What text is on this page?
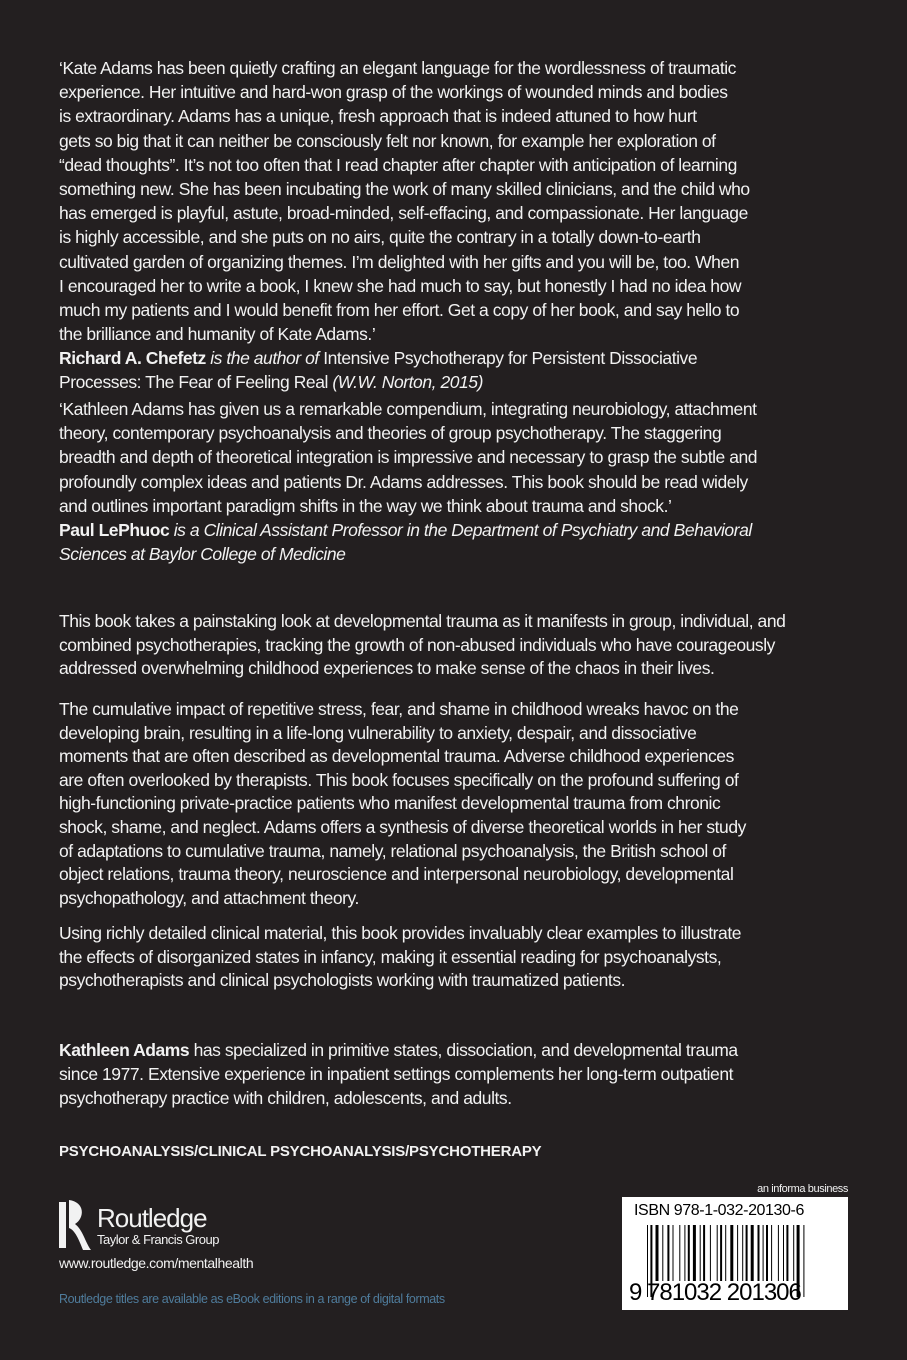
‘Kate Adams has been quietly crafting an elegant language for the wordlessness of traumatic
experience. Her intuitive and hard-won grasp of the workings of wounded minds and bodies
is extraordinary. Adams has a unique, fresh approach that is indeed attuned to how hurt
gets so big that it can neither be consciously felt nor known, for example her exploration of
“dead thoughts”. It’s not too often that I read chapter after chapter with anticipation of learning
something new. She has been incubating the work of many skilled clinicians, and the child who
has emerged is playful, astute, broad-minded, self-effacing, and compassionate. Her language
is highly accessible, and she puts on no airs, quite the contrary in a totally down-to-earth
cultivated garden of organizing themes. I’m delighted with her gifts and you will be, too. When
I encouraged her to write a book, I knew she had much to say, but honestly I had no idea how
much my patients and I would benefit from her effort. Get a copy of her book, and say hello to
the brilliance and humanity of Kate Adams.’
Richard A. Chefetz is the author of Intensive Psychotherapy for Persistent Dissociative
Processes: The Fear of Feeling Real (W.W. Norton, 2015)
‘Kathleen Adams has given us a remarkable compendium, integrating neurobiology, attachment
theory, contemporary psychoanalysis and theories of group psychotherapy. The staggering
breadth and depth of theoretical integration is impressive and necessary to grasp the subtle and
profoundly complex ideas and patients Dr. Adams addresses. This book should be read widely
and outlines important paradigm shifts in the way we think about trauma and shock.’
Paul LePhuoc is a Clinical Assistant Professor in the Department of Psychiatry and Behavioral
Sciences at Baylor College of Medicine
This book takes a painstaking look at developmental trauma as it manifests in group, individual, and
combined psychotherapies, tracking the growth of non-abused individuals who have courageously
addressed overwhelming childhood experiences to make sense of the chaos in their lives.
The cumulative impact of repetitive stress, fear, and shame in childhood wreaks havoc on the
developing brain, resulting in a life-long vulnerability to anxiety, despair, and dissociative
moments that are often described as developmental trauma. Adverse childhood experiences
are often overlooked by therapists. This book focuses specifically on the profound suffering of
high-functioning private-practice patients who manifest developmental trauma from chronic
shock, shame, and neglect. Adams offers a synthesis of diverse theoretical worlds in her study
of adaptations to cumulative trauma, namely, relational psychoanalysis, the British school of
object relations, trauma theory, neuroscience and interpersonal neurobiology, developmental
psychopathology, and attachment theory.
Using richly detailed clinical material, this book provides invaluably clear examples to illustrate
the effects of disorganized states in infancy, making it essential reading for psychoanalysts,
psychotherapists and clinical psychologists working with traumatized patients.
Kathleen Adams has specialized in primitive states, dissociation, and developmental trauma
since 1977. Extensive experience in inpatient settings complements her long-term outpatient
psychotherapy practice with children, adolescents, and adults.
PSYCHOANALYSIS/CLINICAL PSYCHOANALYSIS/PSYCHOTHERAPY
Routledge
Taylor & Francis Group
www.routledge.com/mentalhealth
Routledge titles are available as eBook editions in a range of digital formats
an informa business
ISBN 978-1-032-20130-6
9 781032 201306
